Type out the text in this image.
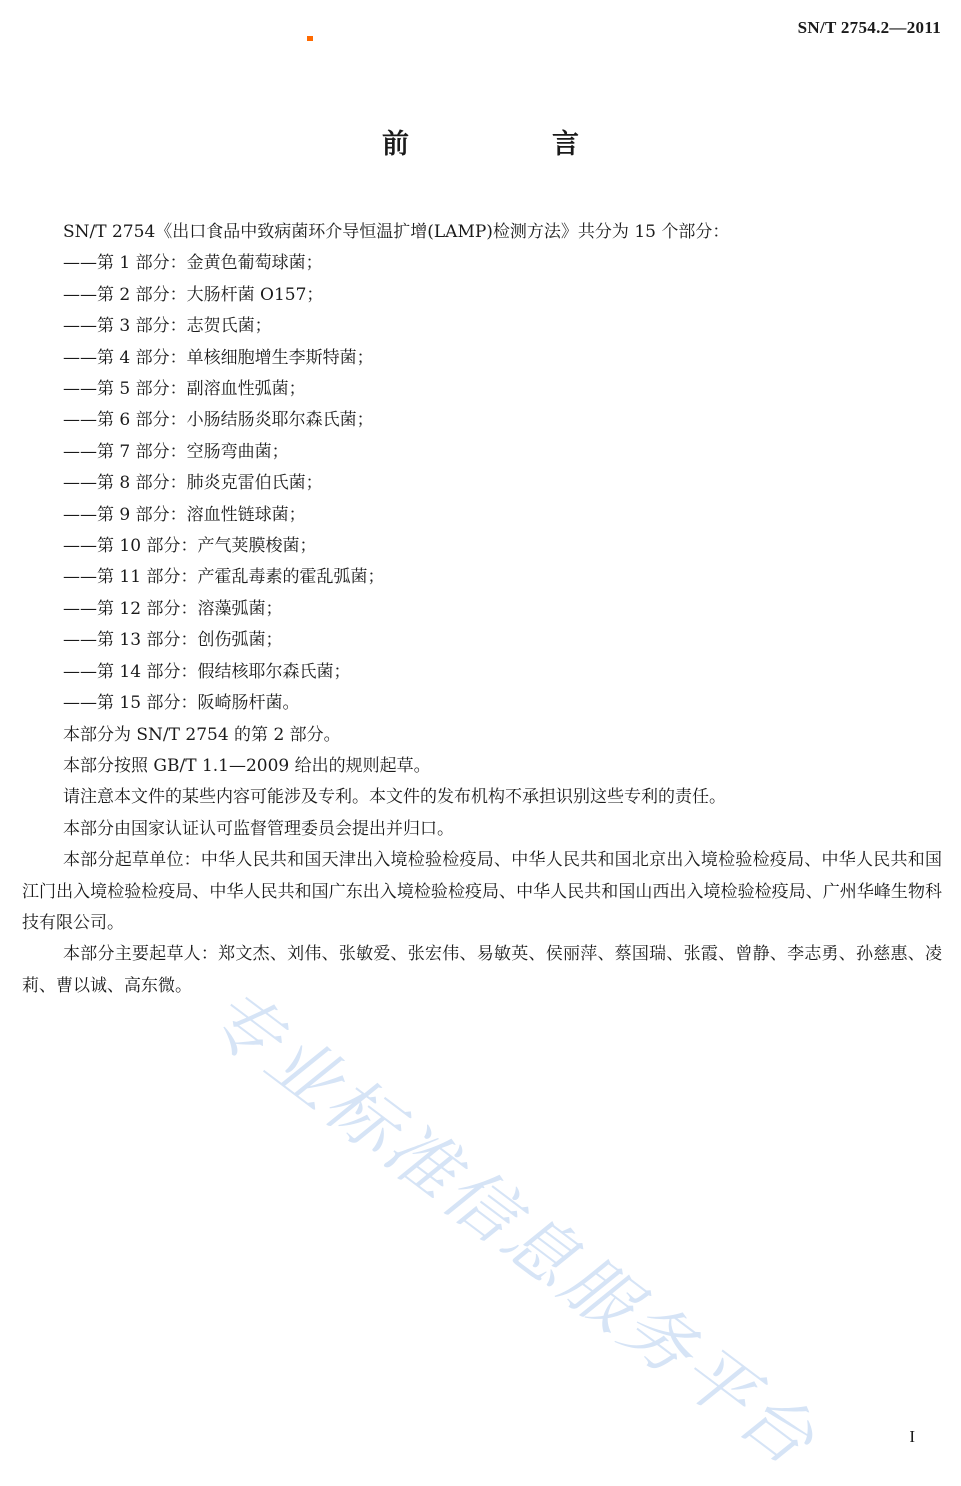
SN/T 2754.2—2011
前　言
SN/T 2754《出口食品中致病菌环介导恒温扩增(LAMP)检测方法》共分为 15 个部分：
——第 1 部分：金黄色葡萄球菌；
——第 2 部分：大肠杆菌 O157；
——第 3 部分：志贺氏菌；
——第 4 部分：单核细胞增生李斯特菌；
——第 5 部分：副溶血性弧菌；
——第 6 部分：小肠结肠炎耶尔森氏菌；
——第 7 部分：空肠弯曲菌；
——第 8 部分：肺炎克雷伯氏菌；
——第 9 部分：溶血性链球菌；
——第 10 部分：产气荚膜梭菌；
——第 11 部分：产霍乱毒素的霍乱弧菌；
——第 12 部分：溶藻弧菌；
——第 13 部分：创伤弧菌；
——第 14 部分：假结核耶尔森氏菌；
——第 15 部分：阪崎肠杆菌。
本部分为 SN/T 2754 的第 2 部分。
本部分按照 GB/T 1.1—2009 给出的规则起草。
请注意本文件的某些内容可能涉及专利。本文件的发布机构不承担识别这些专利的责任。
本部分由国家认证认可监督管理委员会提出并归口。
本部分起草单位：中华人民共和国天津出入境检验检疫局、中华人民共和国北京出入境检验检疫局、中华人民共和国江门出入境检验检疫局、中华人民共和国广东出入境检验检疫局、中华人民共和国山西出入境检验检疫局、广州华峰生物科技有限公司。
本部分主要起草人：郑文杰、刘伟、张敏爱、张宏伟、易敏英、侯丽萍、蔡国瑞、张霞、曾静、李志勇、孙慈惠、凌莉、曹以诚、高东微。 专业标准信息服务平台	I
